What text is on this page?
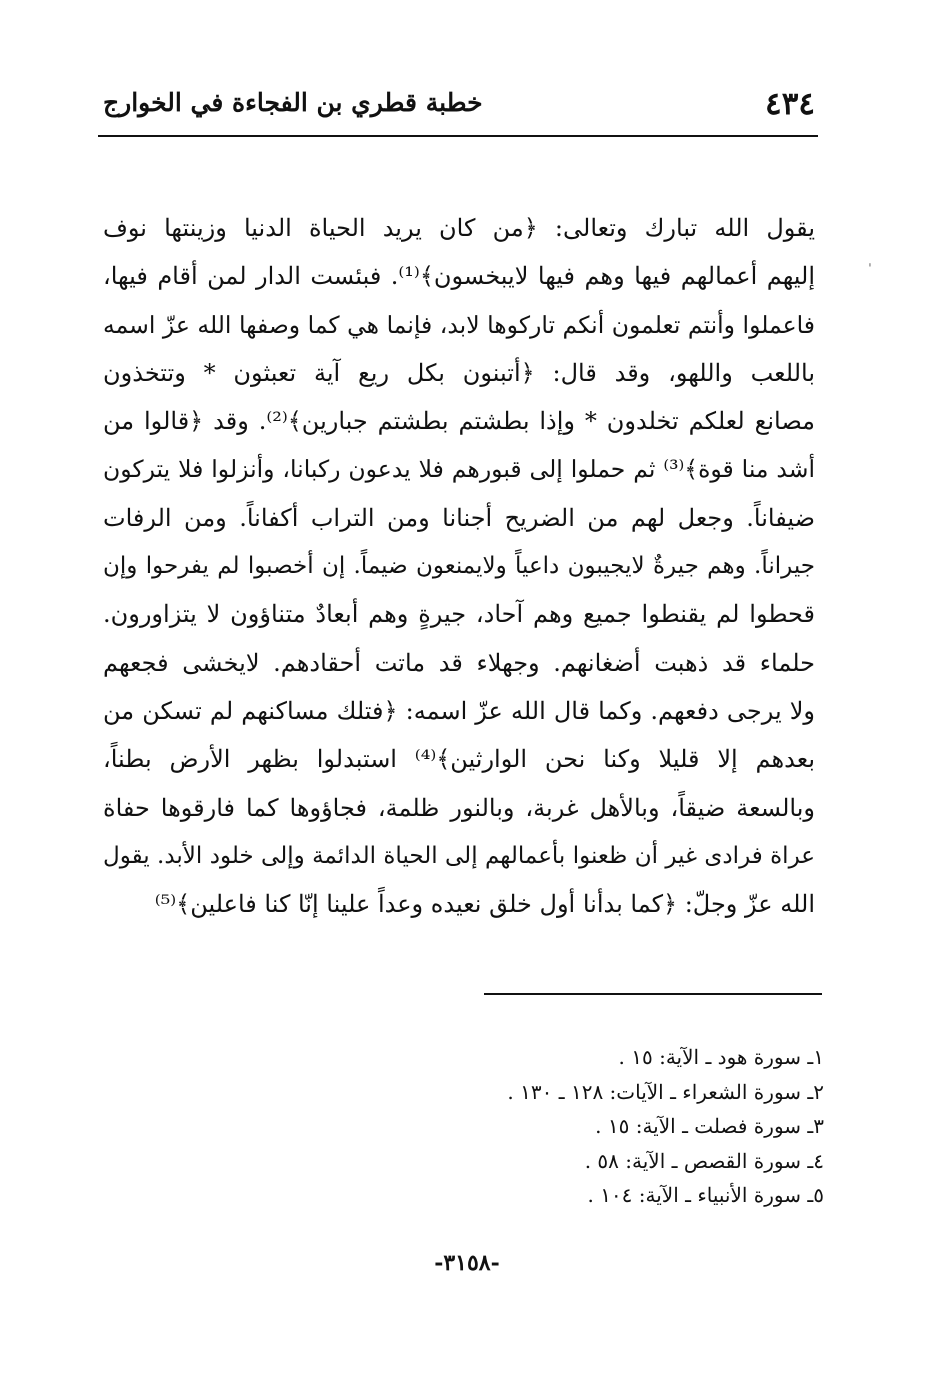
٤٣٤
خطبة قطري بن الفجاءة في الخوارج
ˈ
يقول الله تبارك وتعالى: ﴿من كان يريد الحياة الدنيا وزينتها نوف
إليهم أعمالهم فيها وهم فيها لايبخسون﴾⁽¹⁾. فبئست الدار لمن أقام فيها،
فاعملوا وأنتم تعلمون أنكم تاركوها لابد، فإنما هي كما وصفها الله عزّ اسمه
باللعب واللهو، وقد قال: ﴿أتبنون بكل ريع آية تعبثون * وتتخذون
مصانع لعلكم تخلدون * وإذا بطشتم بطشتم جبارين﴾⁽²⁾. وقد ﴿قالوا من
أشد منا قوة﴾⁽³⁾ ثم حملوا إلى قبورهم فلا يدعون ركبانا، وأنزلوا فلا يتركون
ضيفاناً. وجعل لهم من الضريح أجنانا ومن التراب أكفاناً. ومن الرفات
جيراناً. وهم جيرةٌ لايجيبون داعياً ولايمنعون ضيماً. إن أخصبوا لم يفرحوا وإن
قحطوا لم يقنطوا جميع وهم آحاد، جيرةٍ وهم أبعادٌ متناؤون لا يتزاورون.
حلماء قد ذهبت أضغانهم. وجهلاء قد ماتت أحقادهم. لايخشى فجعهم
ولا يرجى دفعهم. وكما قال الله عزّ اسمه: ﴿فتلك مساكنهم لم تسكن من
بعدهم إلا قليلا وكنا نحن الوارثين﴾⁽⁴⁾ استبدلوا بظهر الأرض بطناً،
وبالسعة ضيقاً، وبالأهل غربة، وبالنور ظلمة، فجاؤوها كما فارقوها حفاة
عراة فرادى غير أن ظعنوا بأعمالهم إلى الحياة الدائمة وإلى خلود الأبد. يقول
الله عزّ وجلّ: ﴿كما بدأنا أول خلق نعيده وعداً علينا إنّا كنا فاعلين﴾⁽⁵⁾
١ـ سورة هود ـ الآية: ١٥ .
٢ـ سورة الشعراء ـ الآيات: ١٢٨ ـ ١٣٠ .
٣ـ سورة فصلت ـ الآية: ١٥ .
٤ـ سورة القصص ـ الآية: ٥٨ .
٥ـ سورة الأنبياء ـ الآية: ١٠٤ .
-٣١٥٨-
